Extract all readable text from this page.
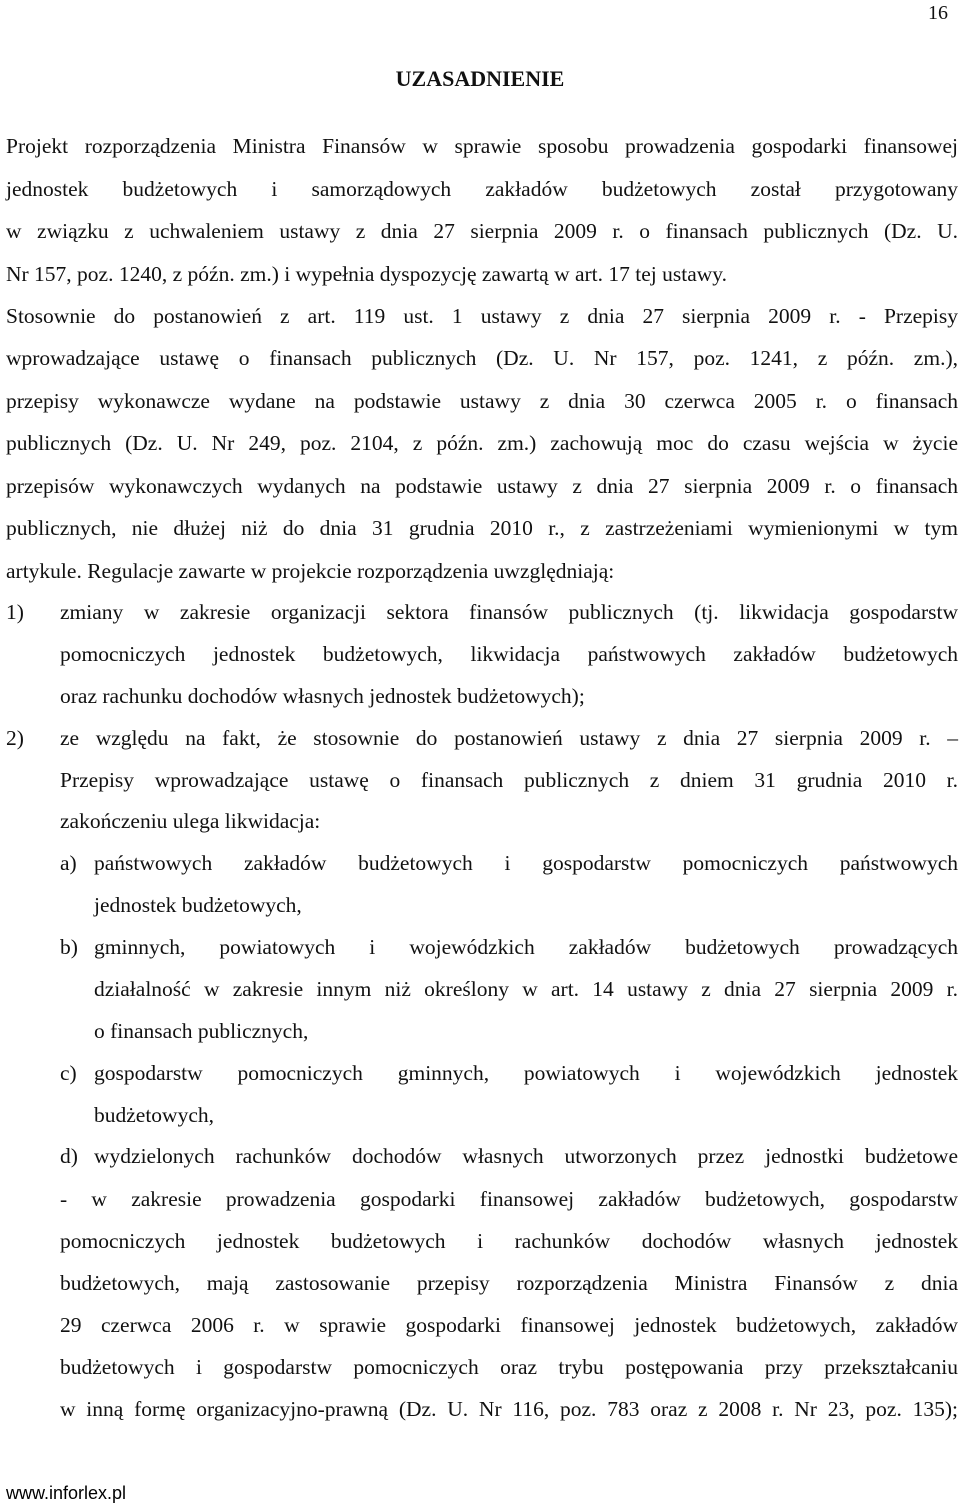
16
UZASADNIENIE
Projekt rozporządzenia Ministra Finansów w sprawie sposobu prowadzenia gospodarki finansowej
jednostek budżetowych i samorządowych zakładów budżetowych został przygotowany
w związku z uchwaleniem ustawy z dnia 27 sierpnia 2009 r. o finansach publicznych (Dz. U.
Nr 157, poz. 1240, z późn. zm.) i wypełnia dyspozycję zawartą w art. 17 tej ustawy.
Stosownie do postanowień z art. 119 ust. 1 ustawy z dnia 27 sierpnia 2009 r. - Przepisy
wprowadzające ustawę o finansach publicznych (Dz. U. Nr 157, poz. 1241, z późn. zm.),
przepisy wykonawcze wydane na podstawie ustawy z dnia 30 czerwca 2005 r. o finansach
publicznych (Dz. U. Nr 249, poz. 2104, z późn. zm.) zachowują moc do czasu wejścia w życie
przepisów wykonawczych wydanych na podstawie ustawy z dnia 27 sierpnia 2009 r. o finansach
publicznych, nie dłużej niż do dnia 31 grudnia 2010 r., z zastrzeżeniami wymienionymi w tym
artykule. Regulacje zawarte w projekcie rozporządzenia uwzględniają:
1) zmiany w zakresie organizacji sektora finansów publicznych (tj. likwidacja gospodarstw
pomocniczych jednostek budżetowych, likwidacja państwowych zakładów budżetowych
oraz rachunku dochodów własnych jednostek budżetowych);
2) ze względu na fakt, że stosownie do postanowień ustawy z dnia 27 sierpnia 2009 r. –
Przepisy wprowadzające ustawę o finansach publicznych z dniem 31 grudnia 2010 r.
zakończeniu ulega likwidacja:
a) państwowych zakładów budżetowych i gospodarstw pomocniczych państwowych
jednostek budżetowych,
b) gminnych, powiatowych i wojewódzkich zakładów budżetowych prowadzących
działalność w zakresie innym niż określony w art. 14 ustawy z dnia 27 sierpnia 2009 r.
o finansach publicznych,
c) gospodarstw pomocniczych gminnych, powiatowych i wojewódzkich jednostek
budżetowych,
d) wydzielonych rachunków dochodów własnych utworzonych przez jednostki budżetowe
- w zakresie prowadzenia gospodarki finansowej zakładów budżetowych, gospodarstw
pomocniczych jednostek budżetowych i rachunków dochodów własnych jednostek
budżetowych, mają zastosowanie przepisy rozporządzenia Ministra Finansów z dnia
29 czerwca 2006 r. w sprawie gospodarki finansowej jednostek budżetowych, zakładów
budżetowych i gospodarstw pomocniczych oraz trybu postępowania przy przekształcaniu
w inną formę organizacyjno-prawną (Dz. U. Nr 116, poz. 783 oraz z 2008 r. Nr 23, poz. 135);
www.inforlex.pl
